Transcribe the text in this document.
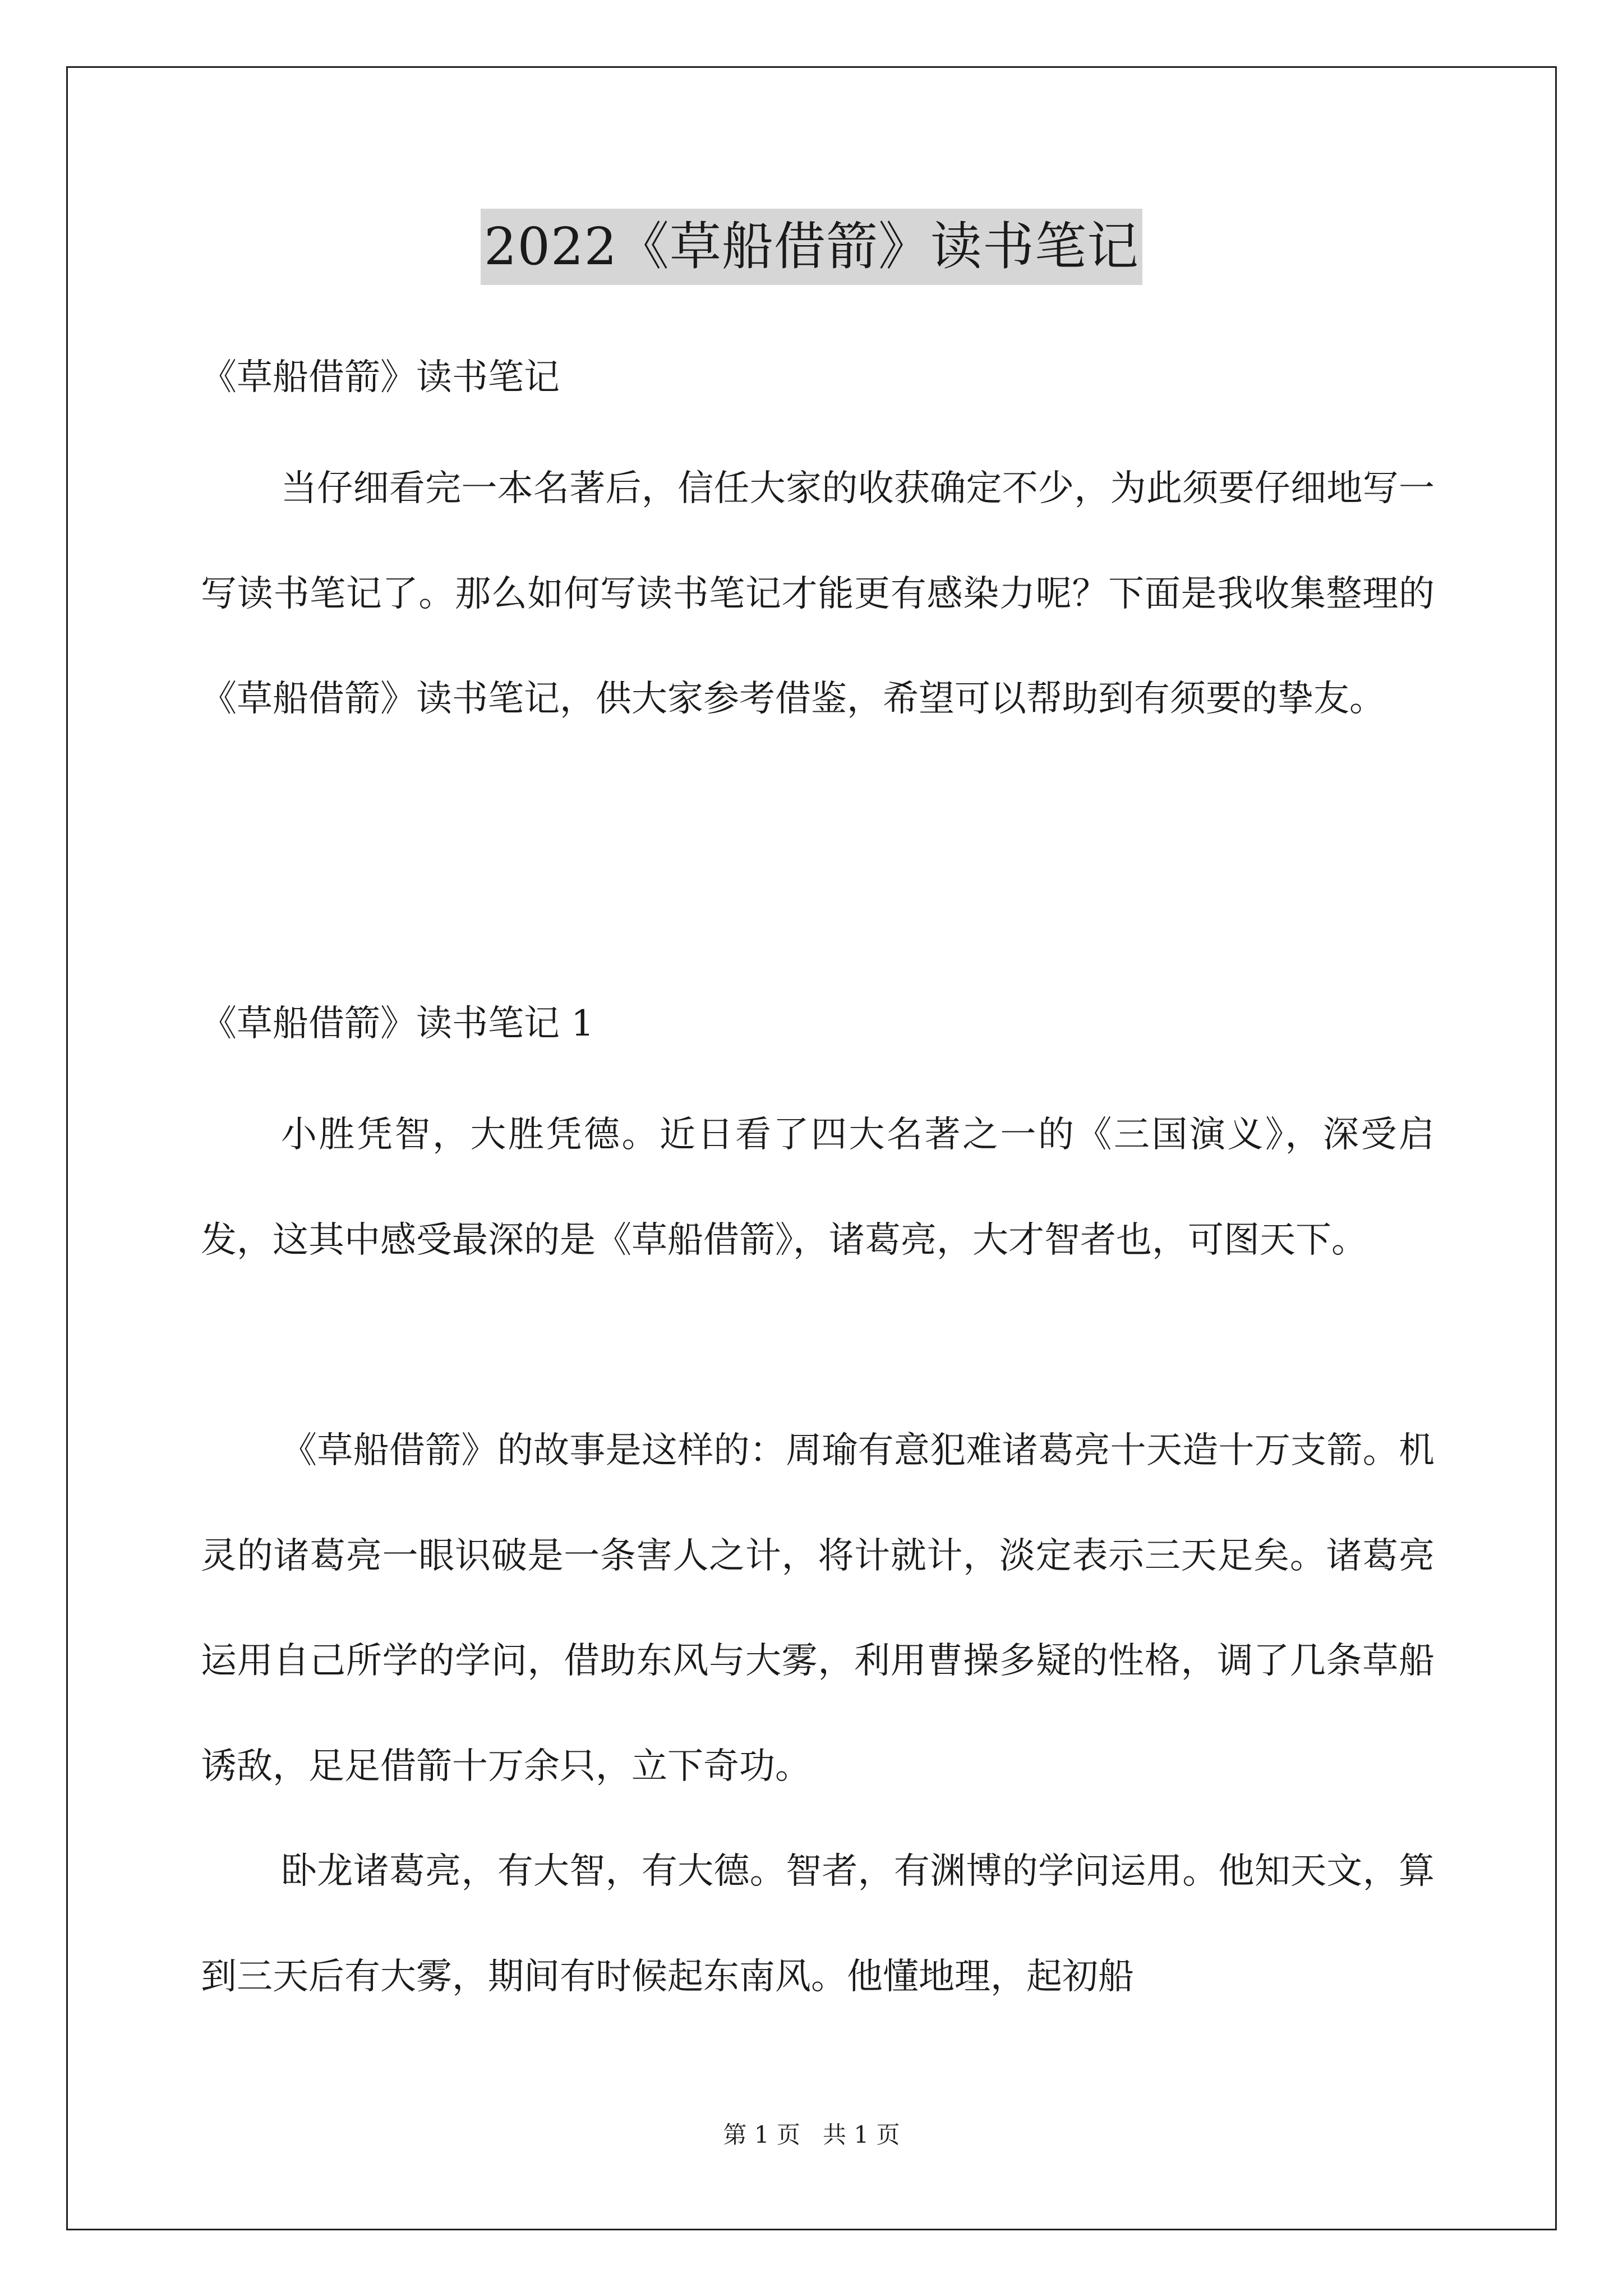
2022《草船借箭》读书笔记
《草船借箭》读书笔记
当仔细看完一本名著后，信任大家的收获确定不少，为此须要仔细地写一写读书笔记了。那么如何写读书笔记才能更有感染力呢？下面是我收集整理的《草船借箭》读书笔记，供大家参考借鉴，希望可以帮助到有须要的挚友。
《草船借箭》读书笔记 1
小胜凭智，大胜凭德。近日看了四大名著之一的《三国演义》，深受启发，这其中感受最深的是《草船借箭》，诸葛亮，大才智者也，可图天下。
《草船借箭》的故事是这样的：周瑜有意犯难诸葛亮十天造十万支箭。机灵的诸葛亮一眼识破是一条害人之计，将计就计，淡定表示三天足矣。诸葛亮运用自己所学的学问，借助东风与大雾，利用曹操多疑的性格，调了几条草船诱敌，足足借箭十万余只，立下奇功。
卧龙诸葛亮，有大智，有大德。智者，有渊博的学问运用。他知天文，算到三天后有大雾，期间有时候起东南风。他懂地理，起初船
第 1 页   共 1 页
